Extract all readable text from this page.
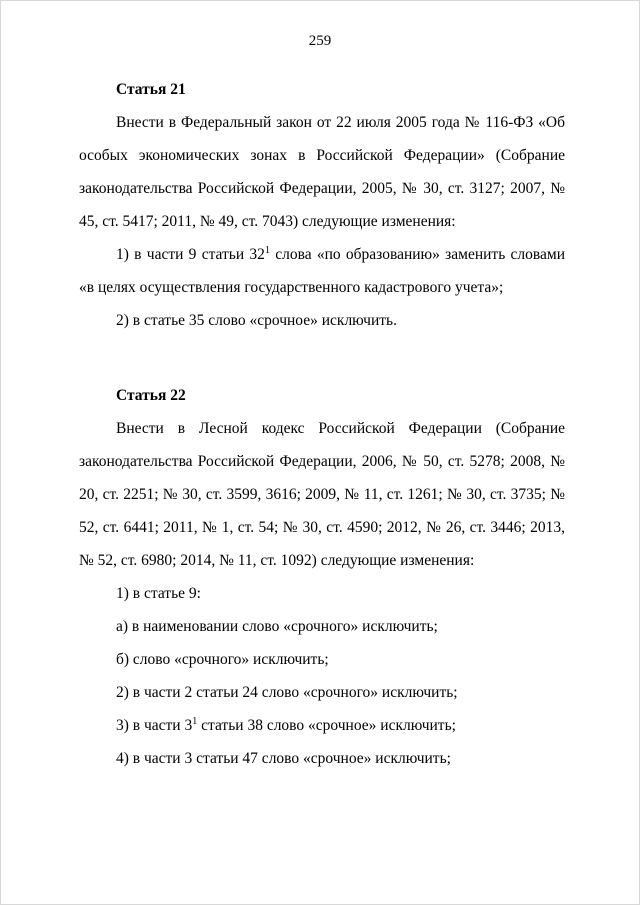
259

Статья 21

Внести в Федеральный закон от 22 июля 2005 года № 116-ФЗ «Об особых экономических зонах в Российской Федерации» (Собрание законодательства Российской Федерации, 2005, № 30, ст. 3127; 2007, № 45, ст. 5417; 2011, № 49, ст. 7043) следующие изменения:

1) в части 9 статьи $32^1$ слова «по образованию» заменить словами «в целях осуществления государственного кадастрового учета»;

2) в статье 35 слово «срочное» исключить.

Статья 22

Внести в Лесной кодекс Российской Федерации (Собрание законодательства Российской Федерации, 2006, № 50, ст. 5278; 2008, № 20, ст. 2251; № 30, ст. 3599, 3616; 2009, № 11, ст. 1261; № 30, ст. 3735; № 52, ст. 6441; 2011, № 1, ст. 54; № 30, ст. 4590; 2012, № 26, ст. 3446; 2013, № 52, ст. 6980; 2014, № 11, ст. 1092) следующие изменения:

1) в статье 9:

а) в наименовании слово «срочного» исключить;

б) слово «срочного» исключить;

2) в части 2 статьи 24 слово «срочного» исключить;

3) в части $3^1$ статьи 38 слово «срочное» исключить;

4) в части 3 статьи 47 слово «срочное» исключить;
